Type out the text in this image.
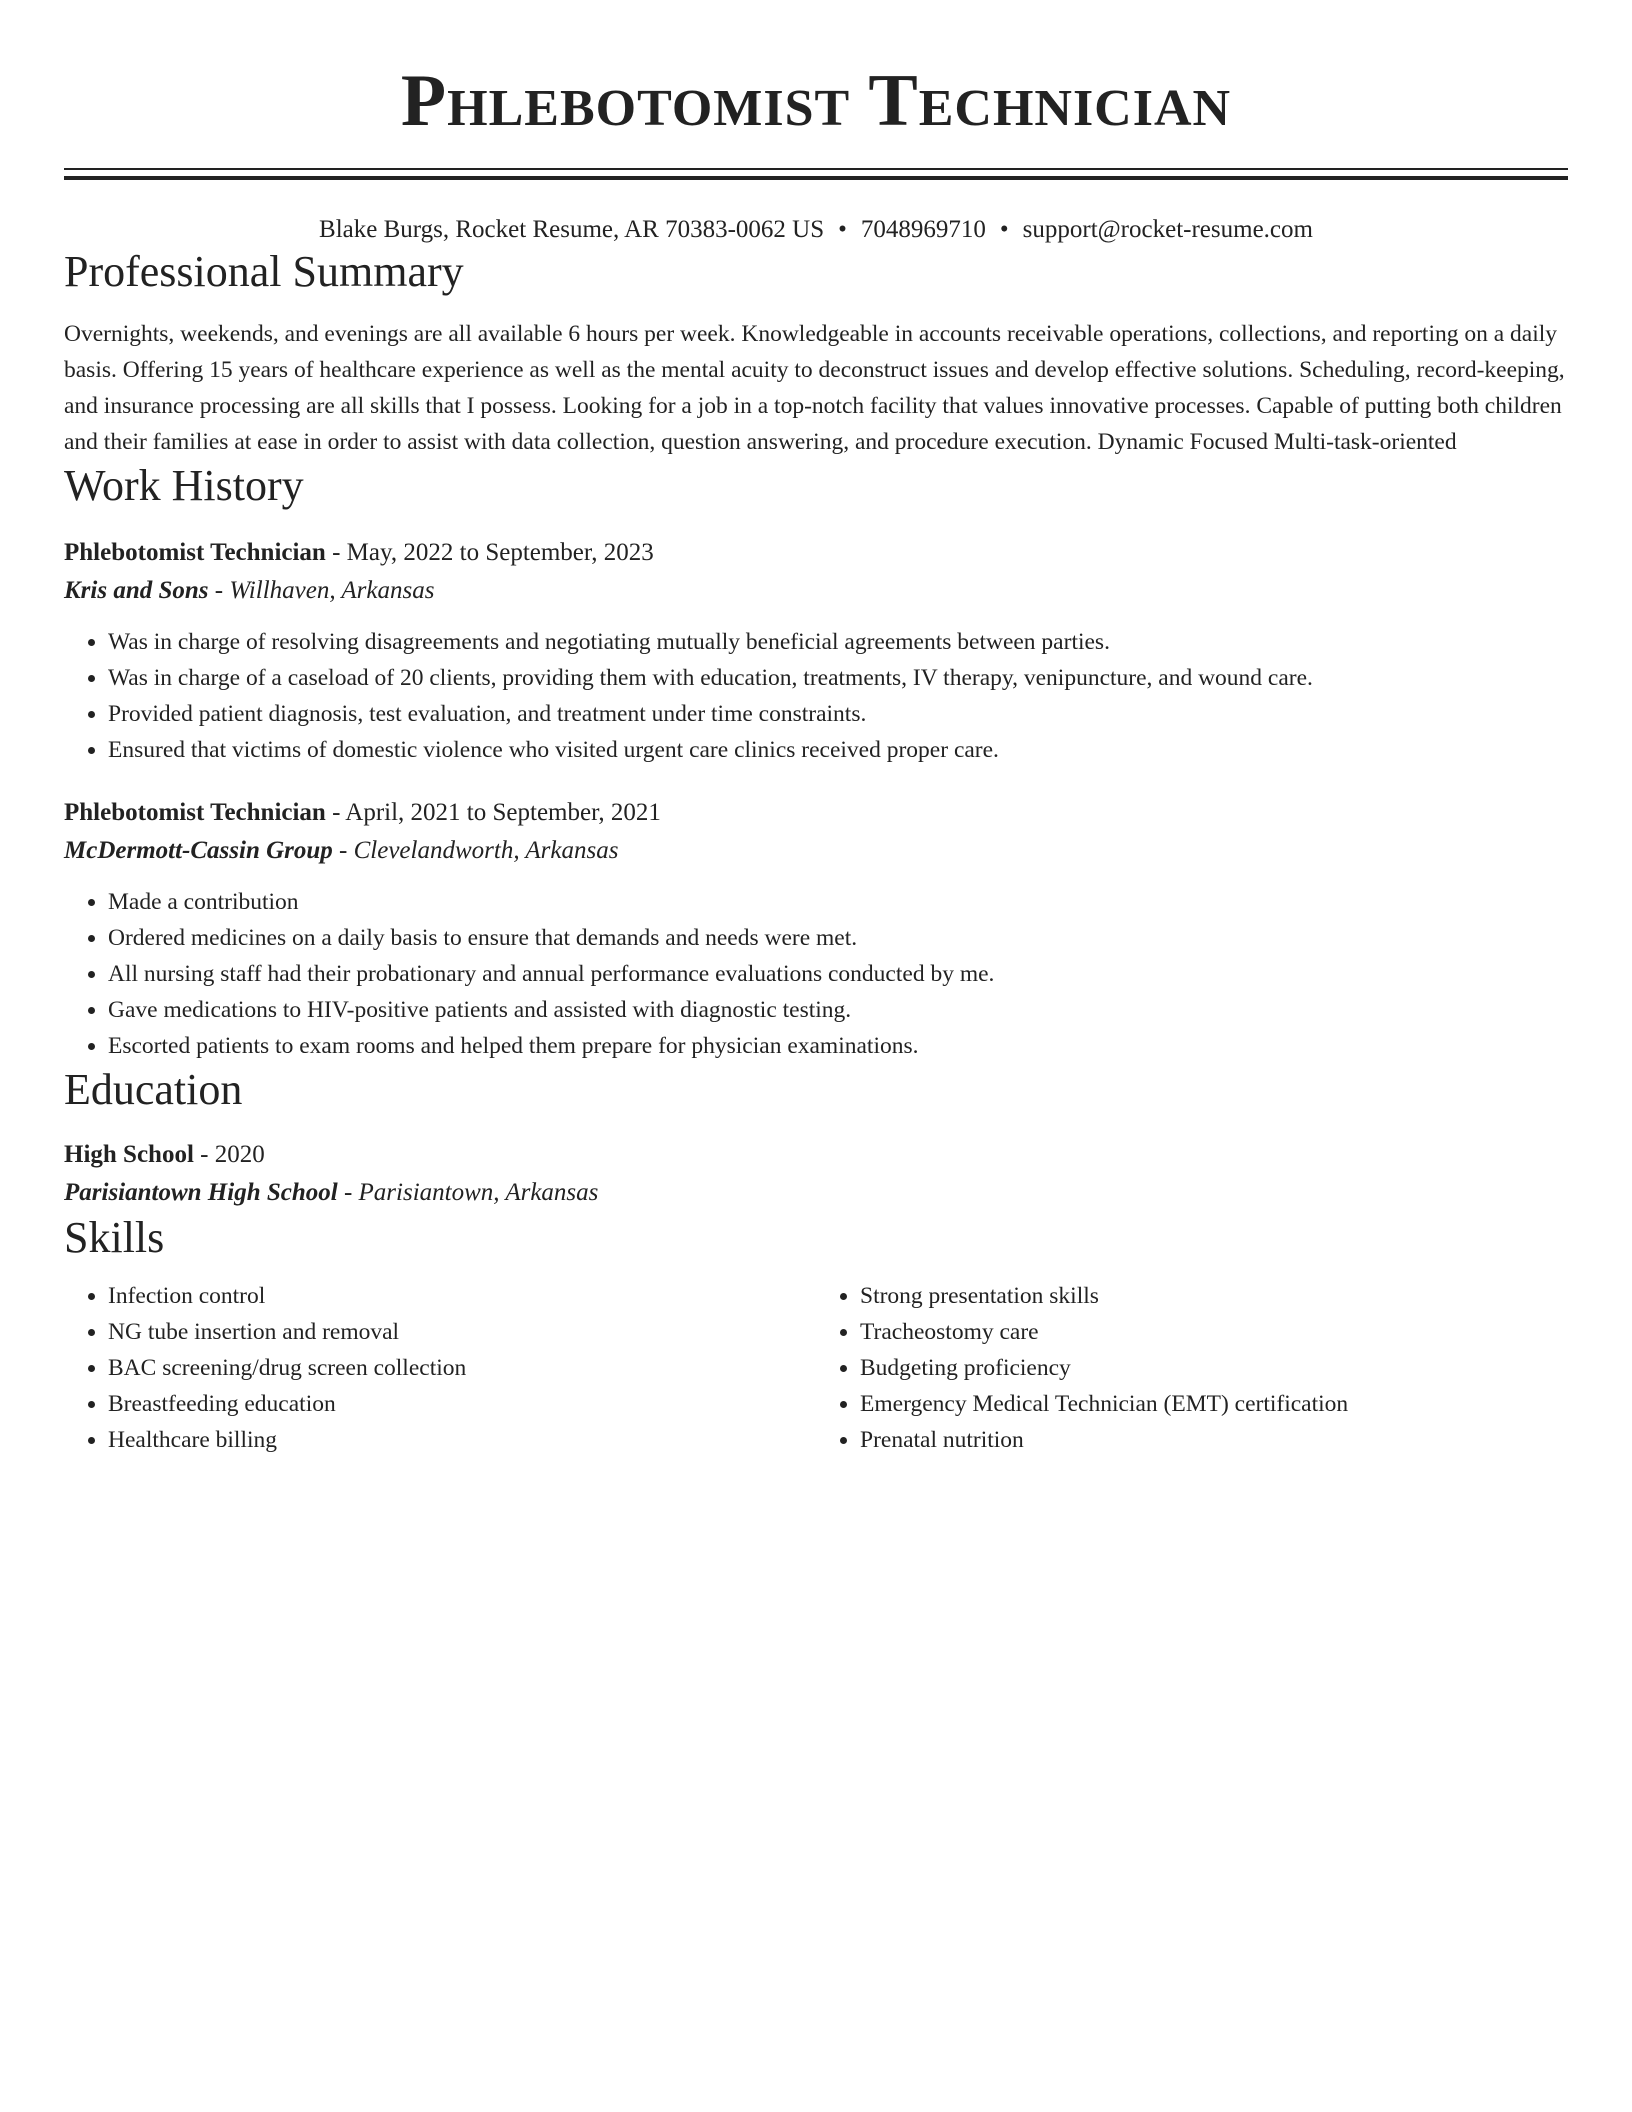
Phlebotomist Technician
Blake Burgs, Rocket Resume, AR 70383-0062 US • 7048969710 • support@rocket-resume.com
Professional Summary
Overnights, weekends, and evenings are all available 6 hours per week. Knowledgeable in accounts receivable operations, collections, and reporting on a daily basis. Offering 15 years of healthcare experience as well as the mental acuity to deconstruct issues and develop effective solutions. Scheduling, record-keeping, and insurance processing are all skills that I possess. Looking for a job in a top-notch facility that values innovative processes. Capable of putting both children and their families at ease in order to assist with data collection, question answering, and procedure execution. Dynamic Focused Multi-task-oriented
Work History
Phlebotomist Technician - May, 2022 to September, 2023
Kris and Sons - Willhaven, Arkansas
• Was in charge of resolving disagreements and negotiating mutually beneficial agreements between parties.
• Was in charge of a caseload of 20 clients, providing them with education, treatments, IV therapy, venipuncture, and wound care.
• Provided patient diagnosis, test evaluation, and treatment under time constraints.
• Ensured that victims of domestic violence who visited urgent care clinics received proper care.
Phlebotomist Technician - April, 2021 to September, 2021
McDermott-Cassin Group - Clevelandworth, Arkansas
• Made a contribution
• Ordered medicines on a daily basis to ensure that demands and needs were met.
• All nursing staff had their probationary and annual performance evaluations conducted by me.
• Gave medications to HIV-positive patients and assisted with diagnostic testing.
• Escorted patients to exam rooms and helped them prepare for physician examinations.
Education
High School - 2020
Parisiantown High School - Parisiantown, Arkansas
Skills
• Infection control
• NG tube insertion and removal
• BAC screening/drug screen collection
• Breastfeeding education
• Healthcare billing
• Strong presentation skills
• Tracheostomy care
• Budgeting proficiency
• Emergency Medical Technician (EMT) certification
• Prenatal nutrition
